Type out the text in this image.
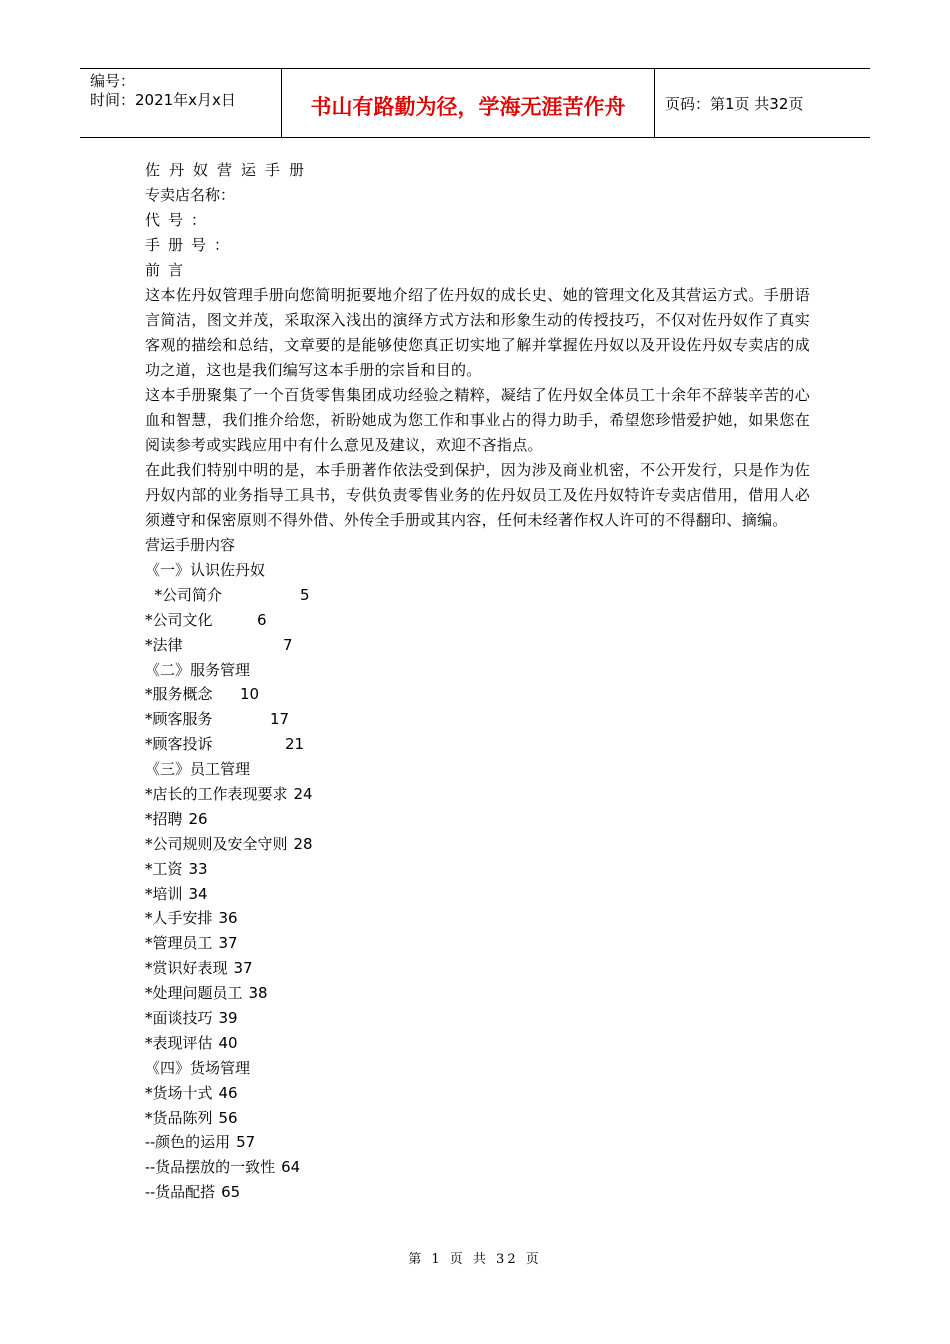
编号：
时间：2021年x月x日	书山有路勤为径，学海无涯苦作舟	页码：第1页 共32页
佐丹奴营运手册
专卖店名称：
代号：
手册号：
前言
这本佐丹奴管理手册向您简明扼要地介绍了佐丹奴的成长史、她的管理文化及其营运方式。手册语言简洁，图文并茂，采取深入浅出的演绎方式方法和形象生动的传授技巧，不仅对佐丹奴作了真实客观的描绘和总结，文章要的是能够使您真正切实地了解并掌握佐丹奴以及开设佐丹奴专卖店的成功之道，这也是我们编写这本手册的宗旨和目的。
这本手册聚集了一个百货零售集团成功经验之精粹，凝结了佐丹奴全体员工十余年不辞装辛苦的心血和智慧，我们推介给您，祈盼她成为您工作和事业占的得力助手，希望您珍惜爱护她，如果您在阅读参考或实践应用中有什么意见及建议，欢迎不吝指点。
在此我们特别中明的是，本手册著作依法受到保护，因为涉及商业机密，不公开发行，只是作为佐丹奴内部的业务指导工具书，专供负责零售业务的佐丹奴员工及佐丹奴特许专卖店借用，借用人必须遵守和保密原则不得外借、外传全手册或其内容，任何未经著作权人许可的不得翻印、摘编。
营运手册内容
《一》认识佐丹奴
*公司简介	5
*公司文化	6
*法律	7
《二》服务管理
*服务概念 10
*顾客服务	17
*顾客投诉	21
《三》员工管理
*店长的工作表现要求 24
*招聘 26
*公司规则及安全守则 28
*工资 33
*培训 34
*人手安排 36
*管理员工 37
*赏识好表现 37
*处理问题员工 38
*面谈技巧 39
*表现评估 40
《四》货场管理
*货场十式 46
*货品陈列 56
--颜色的运用 57
--货品摆放的一致性 64
--货品配搭 65
第 1 页 共 32 页
